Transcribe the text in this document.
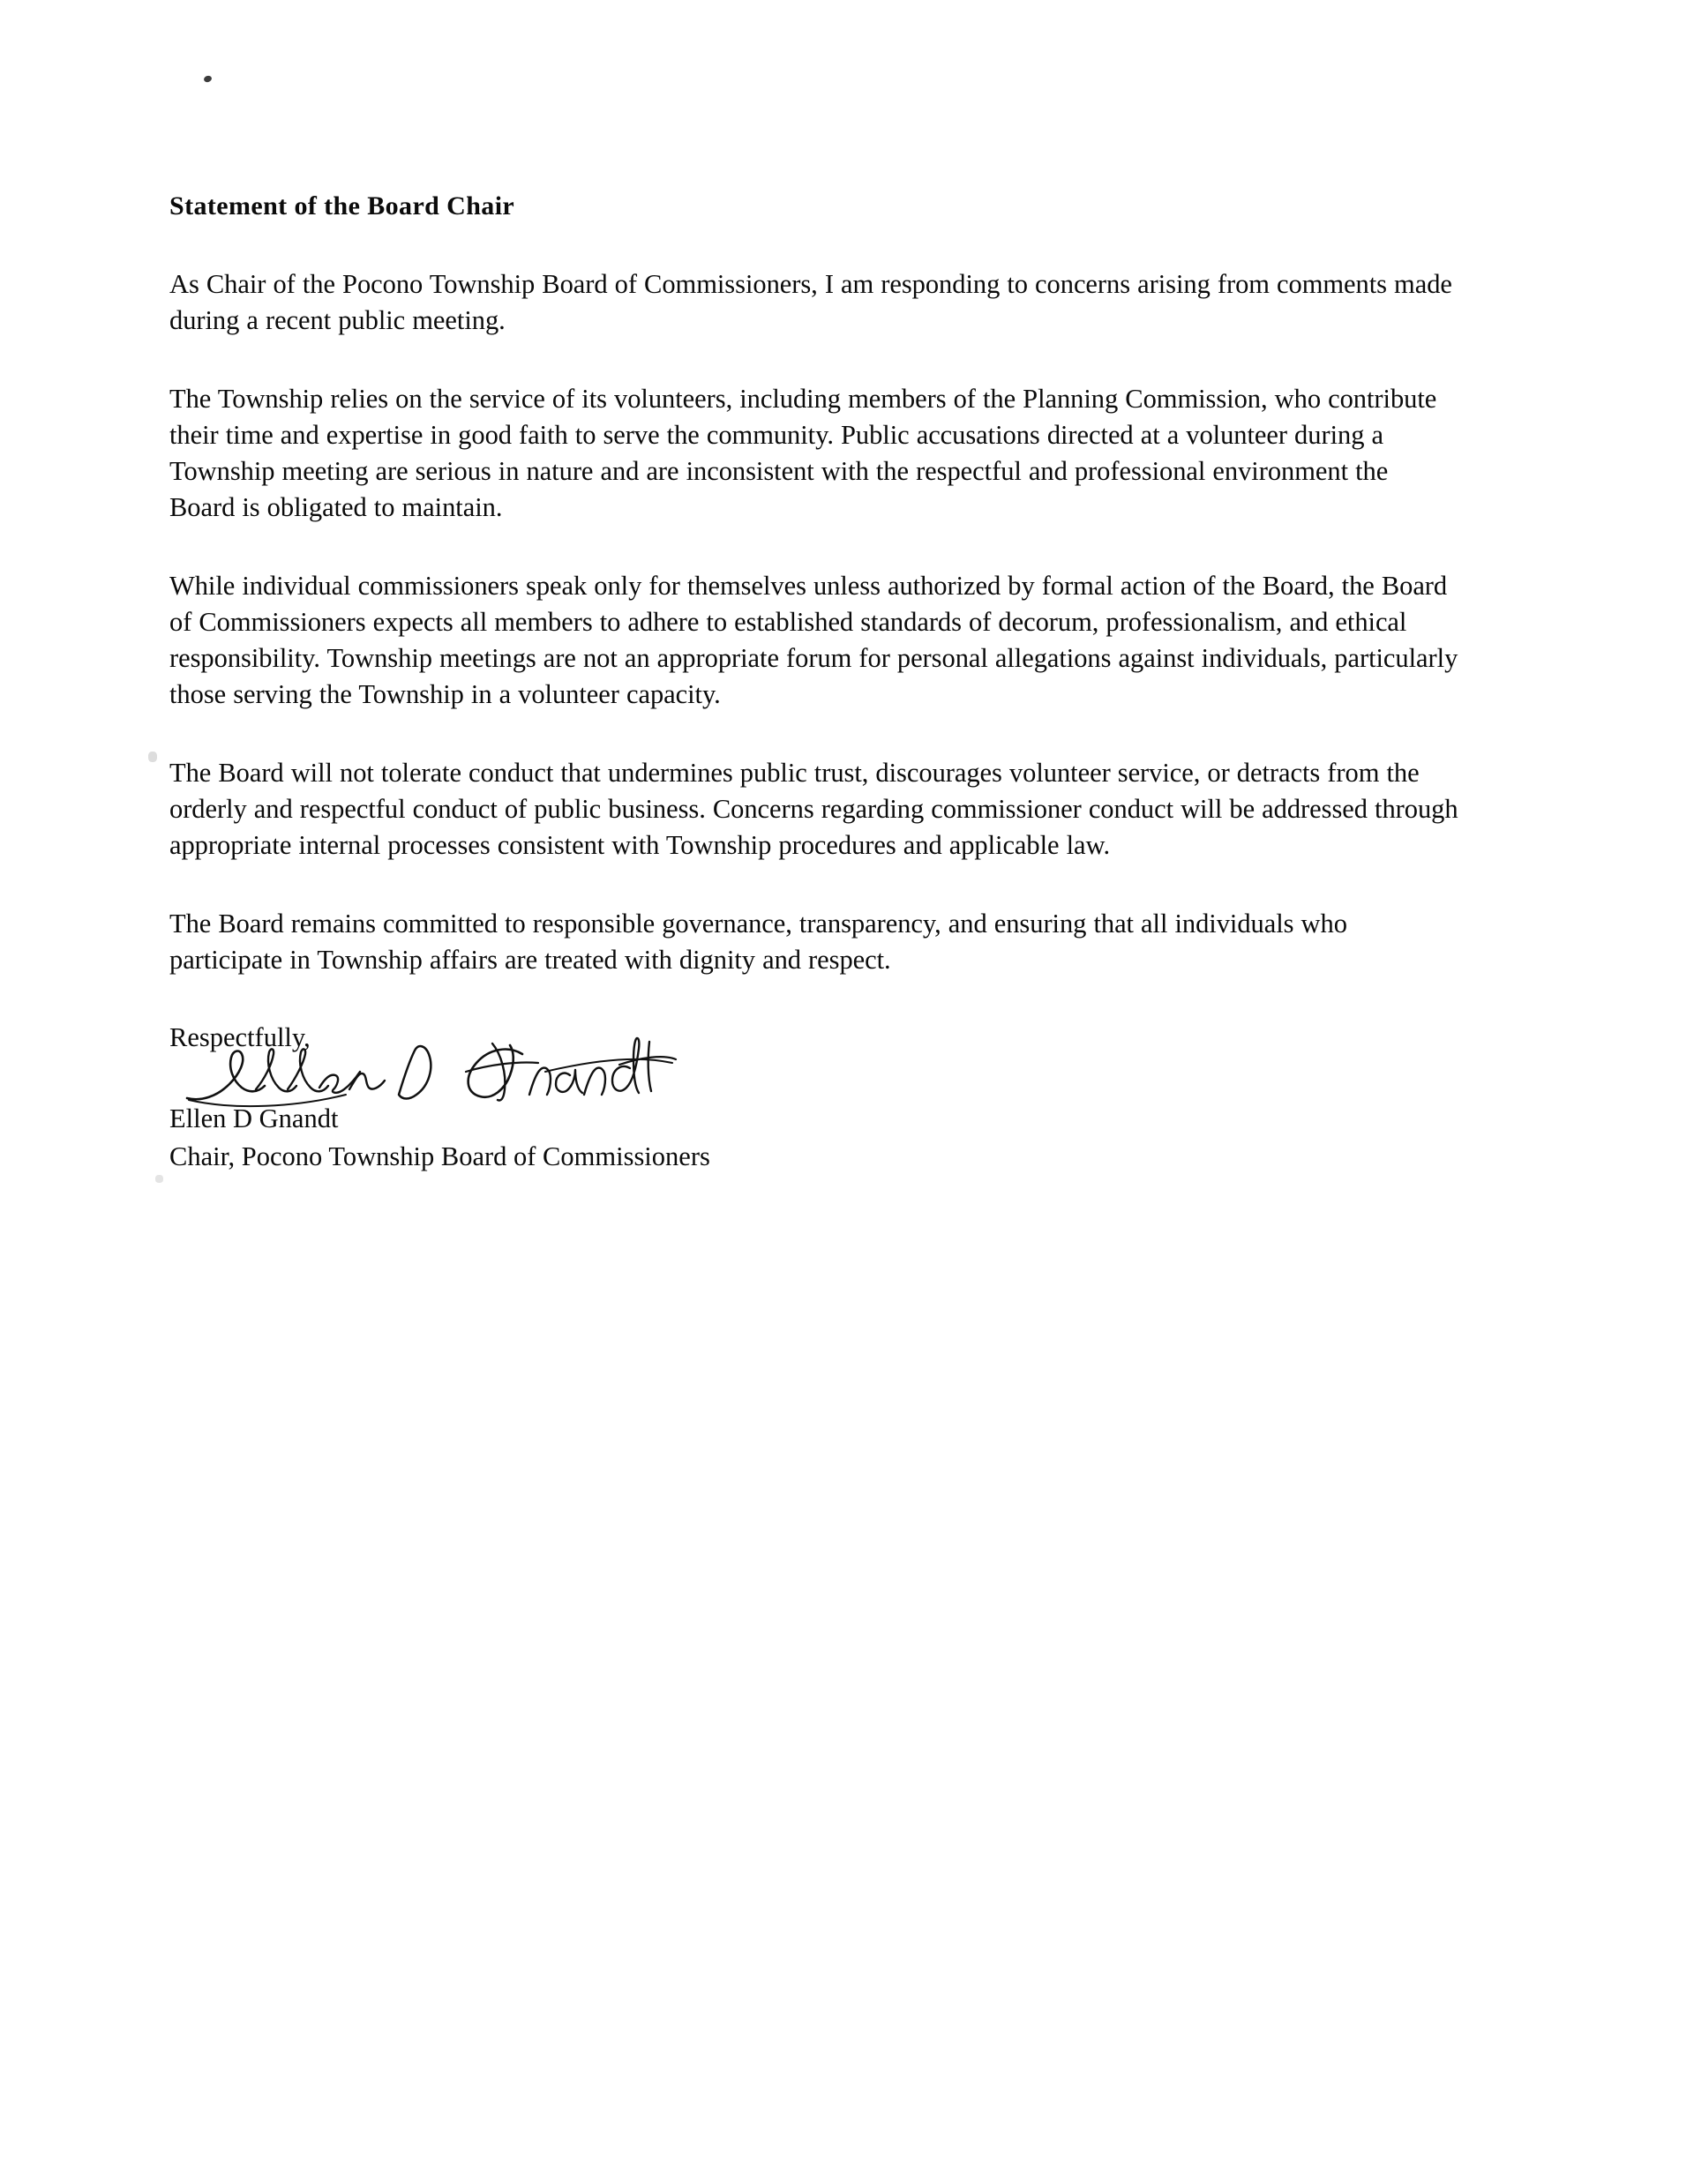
Statement of the Board Chair

As Chair of the Pocono Township Board of Commissioners, I am responding to concerns arising from comments made during a recent public meeting.

The Township relies on the service of its volunteers, including members of the Planning Commission, who contribute their time and expertise in good faith to serve the community. Public accusations directed at a volunteer during a Township meeting are serious in nature and are inconsistent with the respectful and professional environment the Board is obligated to maintain.

While individual commissioners speak only for themselves unless authorized by formal action of the Board, the Board of Commissioners expects all members to adhere to established standards of decorum, professionalism, and ethical responsibility. Township meetings are not an appropriate forum for personal allegations against individuals, particularly those serving the Township in a volunteer capacity.

The Board will not tolerate conduct that undermines public trust, discourages volunteer service, or detracts from the orderly and respectful conduct of public business. Concerns regarding commissioner conduct will be addressed through appropriate internal processes consistent with Township procedures and applicable law.

The Board remains committed to responsible governance, transparency, and ensuring that all individuals who participate in Township affairs are treated with dignity and respect.

Respectfully,

Ellen D Gnandt

Chair, Pocono Township Board of Commissioners
